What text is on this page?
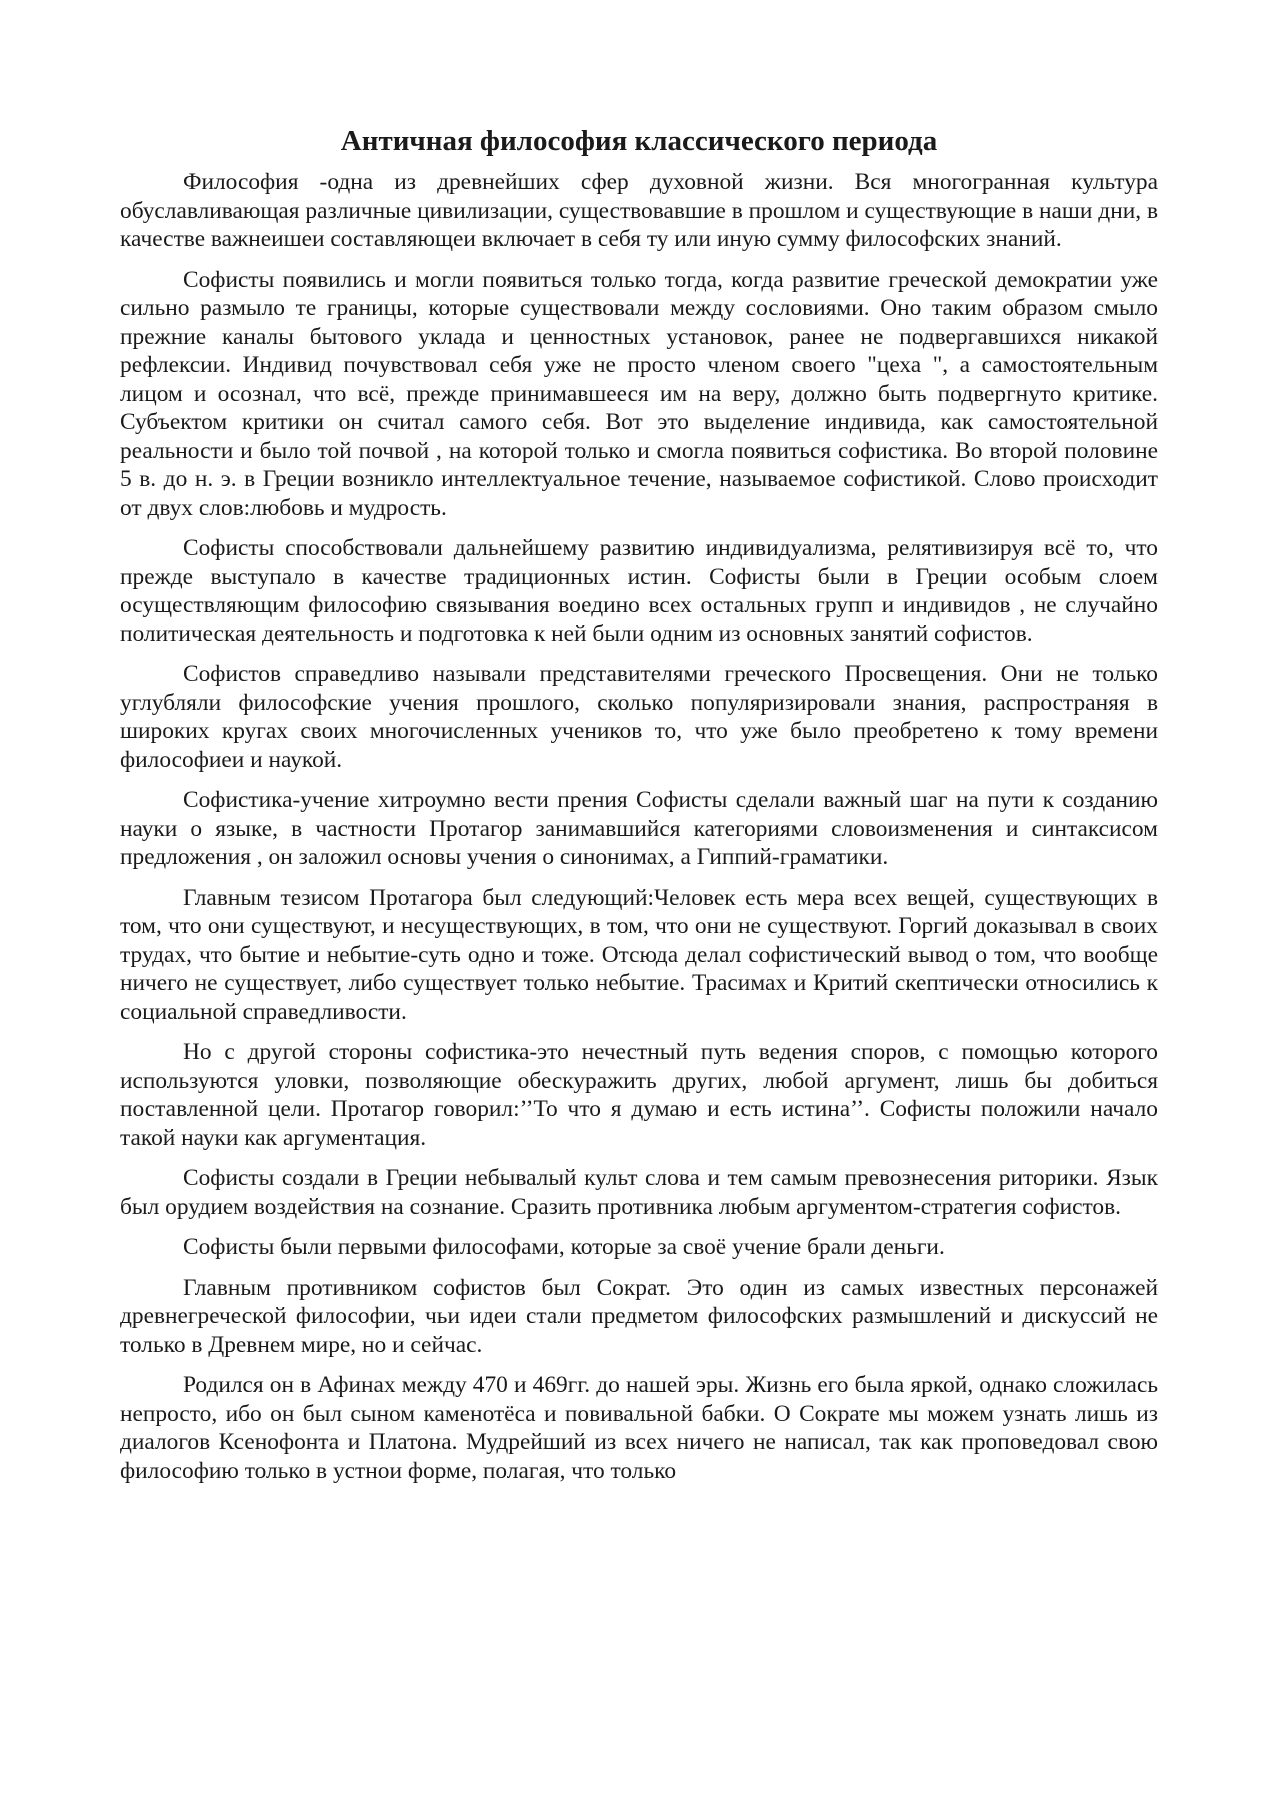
Античная философия классического периода

Философия -одна из древнейших сфер духовной жизни. Вся многогранная культура обуславливающая различные цивилизации, существовавшие в прошлом и существующие в наши дни, в качестве важнеишеи составляющеи включает в себя ту или иную сумму философских знаний.

Софисты появились и могли появиться только тогда, когда развитие греческой демократии уже сильно размыло те границы, которые существовали между сословиями. Оно таким образом смыло прежние каналы бытового уклада и ценностных установок, ранее не подвергавшихся никакой рефлексии. Индивид почувствовал себя уже не просто членом своего "цеха ", а самостоятельным лицом и осознал, что всё, прежде принимавшееся им на веру, должно быть подвергнуто критике. Субъектом критики он считал самого себя. Вот это выделение индивида, как самостоятельной реальности и было той почвой , на которой только и смогла появиться софистика. Во второй половине 5 в. до н. э. в Греции возникло интеллектуальное течение, называемое софистикой. Слово происходит от двух слов:любовь и мудрость.

Софисты способствовали дальнейшему развитию индивидуализма, релятивизируя всё то, что прежде выступало в качестве традиционных истин. Софисты были в Греции особым слоем осуществляющим философию связывания воедино всех остальных групп и индивидов , не случайно политическая деятельность и подготовка к ней были одним из основных занятий софистов.

Софистов справедливо называли представителями греческого Просвещения. Они не только углубляли философские учения прошлого, сколько популяризировали знания, распространяя в широких кругах своих многочисленных учеников то, что уже было преобретено к тому времени философиеи и наукой.

Софистика-учение хитроумно вести прения Софисты сделали важный шаг на пути к созданию науки о языке, в частности Протагор занимавшийся категориями словоизменения и синтаксисом предложения , он заложил основы учения о синонимах, а Гиппий-граматики.

Главным тезисом Протагора был следующий:Человек есть мера всех вещей, существующих в том, что они существуют, и несуществующих, в том, что они не существуют. Горгий доказывал в своих трудах, что бытие и небытие-суть одно и тоже. Отсюда делал софистический вывод о том, что вообще ничего не существует, либо существует только небытие. Трасимах и Критий скептически относились к социальной справедливости.

Но с другой стороны софистика-это нечестный путь ведения споров, с помощью которого используются уловки, позволяющие обескуражить других, любой аргумент, лишь бы добиться поставленной цели. Протагор говорил:’’То что я думаю и есть истина’’. Софисты положили начало такой науки как аргументация.

Софисты создали в Греции небывалый культ слова и тем самым превознесения риторики. Язык был орудием воздействия на сознание. Сразить противника любым аргументом-стратегия софистов.

Софисты были первыми философами, которые за своё учение брали деньги.

Главным противником софистов был Сократ. Это один из самых известных персонажей древнегреческой философии, чьи идеи стали предметом философских размышлений и дискуссий не только в Древнем мире, но и сейчас.

Родился он в Афинах между 470 и 469гг. до нашей эры. Жизнь его была яркой, однако сложилась непросто, ибо он был сыном каменотёса и повивальной бабки. О Сократе мы можем узнать лишь из диалогов Ксенофонта и Платона. Мудрейший из всех ничего не написал, так как проповедовал свою философию только в устнои форме, полагая, что только
